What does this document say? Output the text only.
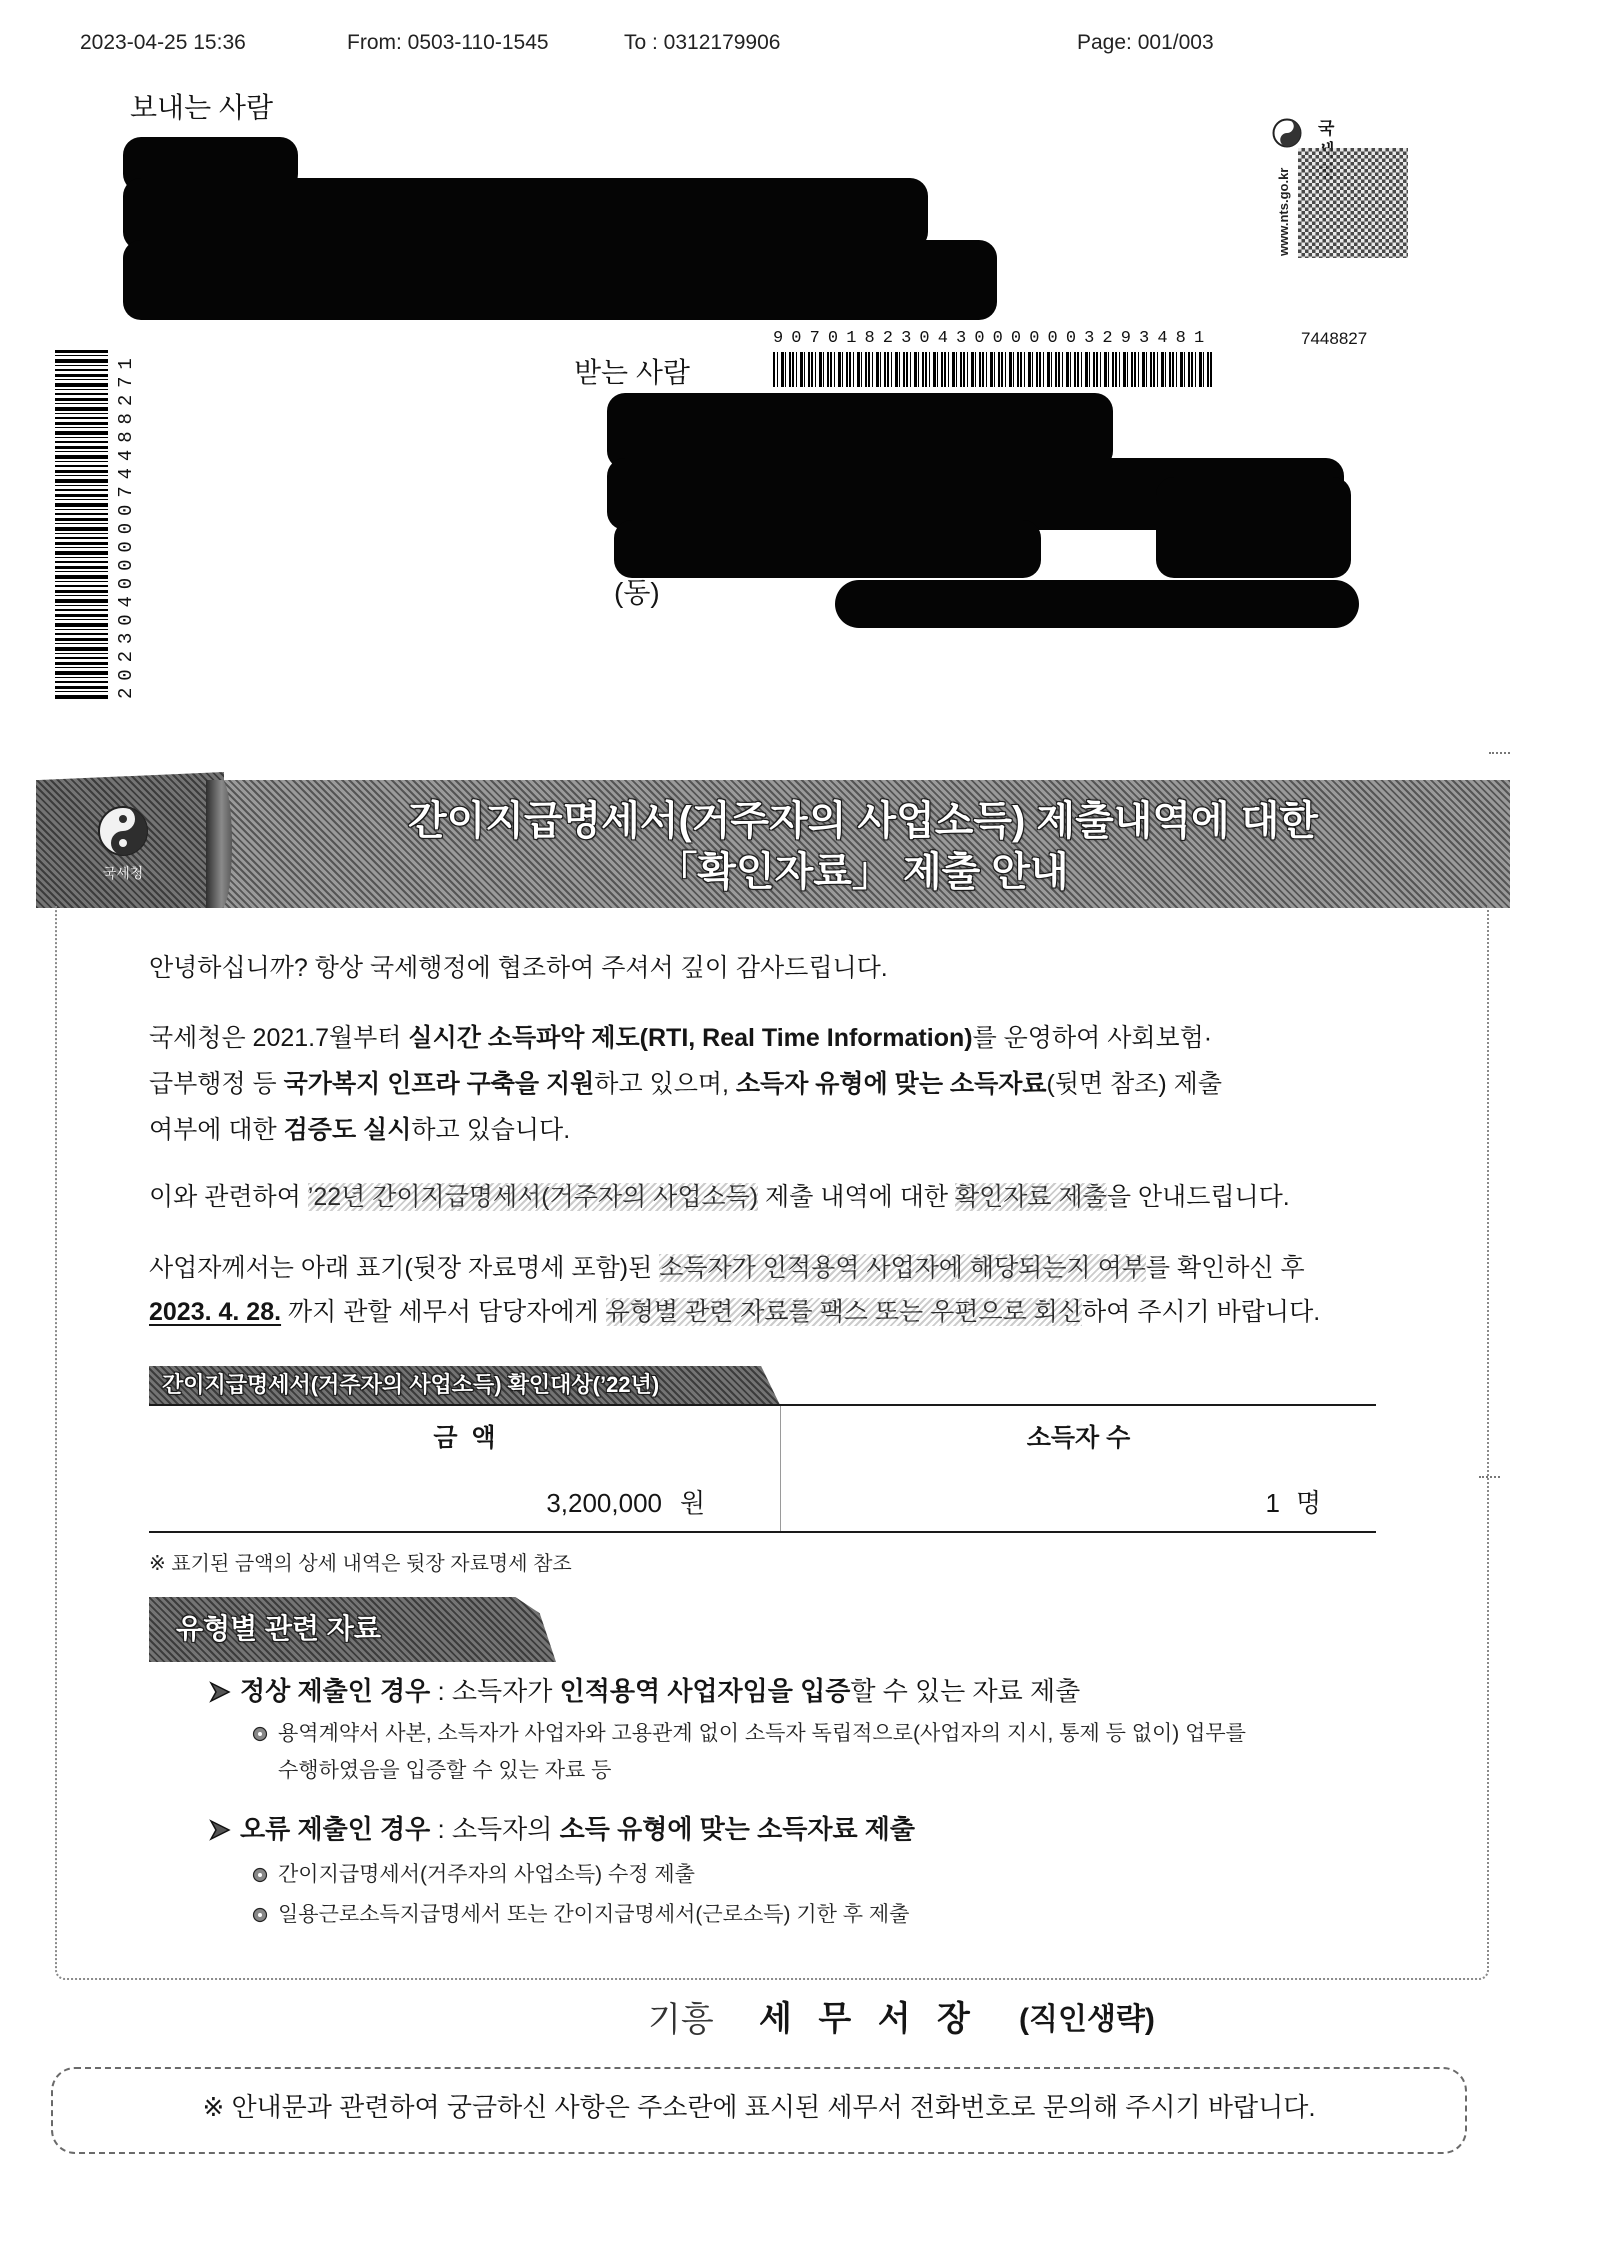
2023-04-25 15:36	From: 0503-110-1545	To : 0312179906	Page: 001/003
보내는 사람
국
www.nts.go.kr
2023040000074488271
907018230430000003293481	7448827
받는 사람
(동)
국세청
간이지급명세서(거주자의 사업소득) 제출내역에 대한
「확인자료」 제출 안내
안녕하십니까? 항상 국세행정에 협조하여 주셔서 깊이 감사드립니다.
국세청은 2021.7월부터 실시간 소득파악 제도(RTI, Real Time Information)를 운영하여 사회보험·
급부행정 등 국가복지 인프라 구축을 지원하고 있으며, 소득자 유형에 맞는 소득자료(뒷면 참조) 제출
여부에 대한 검증도 실시하고 있습니다.
이와 관련하여 ’22년 간이지급명세서(거주자의 사업소득) 제출 내역에 대한 확인자료 제출을 안내드립니다.
사업자께서는 아래 표기(뒷장 자료명세 포함)된 소득자가 인적용역 사업자에 해당되는지 여부를 확인하신 후
2023. 4. 28. 까지 관할 세무서 담당자에게 유형별 관련 자료를 팩스 또는 우편으로 회신하여 주시기 바랍니다.
간이지급명세서(거주자의 사업소득) 확인대상(’22년)
금  액	소득자 수
3,200,000 원	1 명
※ 표기된 금액의 상세 내역은 뒷장 자료명세 참조
유형별 관련 자료
정상 제출인 경우 : 소득자가 인적용역 사업자임을 입증할 수 있는 자료 제출
용역계약서 사본, 소득자가 사업자와 고용관계 없이 소득자 독립적으로(사업자의 지시, 통제 등 없이) 업무를
수행하였음을 입증할 수 있는 자료 등
오류 제출인 경우 : 소득자의 소득 유형에 맞는 소득자료 제출
간이지급명세서(거주자의 사업소득) 수정 제출
일용근로소득지급명세서 또는 간이지급명세서(근로소득) 기한 후 제출
기흥 세 무 서 장 (직인생략)
※ 안내문과 관련하여 궁금하신 사항은 주소란에 표시된 세무서 전화번호로 문의해 주시기 바랍니다.
